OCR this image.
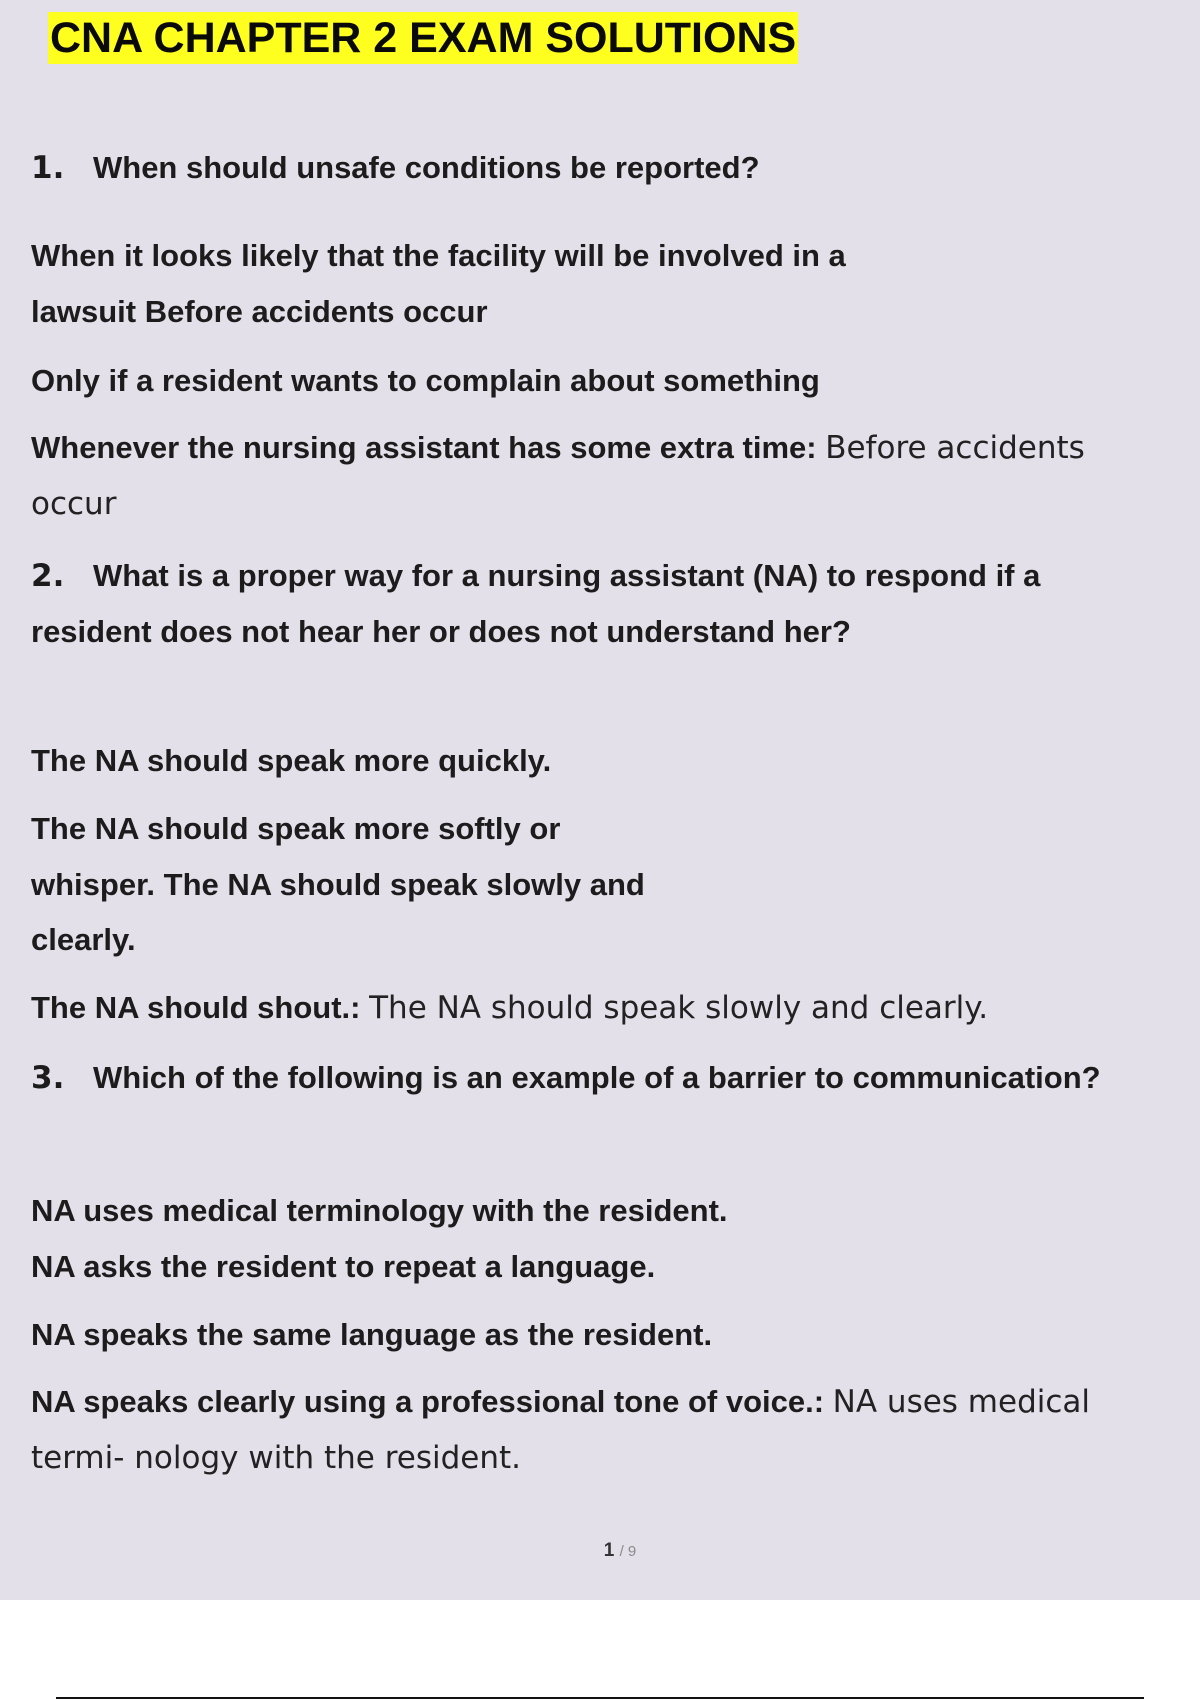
CNA CHAPTER 2 EXAM SOLUTIONS
1. When should unsafe conditions be reported?
When it looks likely that the facility will be involved in a
lawsuit Before accidents occur
Only if a resident wants to complain about something
Whenever the nursing assistant has some extra time: Before accidents
occur
2. What is a proper way for a nursing assistant (NA) to respond if a
resident does not hear her or does not understand her?
The NA should speak more quickly.
The NA should speak more softly or
whisper. The NA should speak slowly and
clearly.
The NA should shout.: The NA should speak slowly and clearly.
3. Which of the following is an example of a barrier to communication?
NA uses medical terminology with the resident.
NA asks the resident to repeat a language.
NA speaks the same language as the resident.
NA speaks clearly using a professional tone of voice.: NA uses medical
termi- nology with the resident.
1 / 9
